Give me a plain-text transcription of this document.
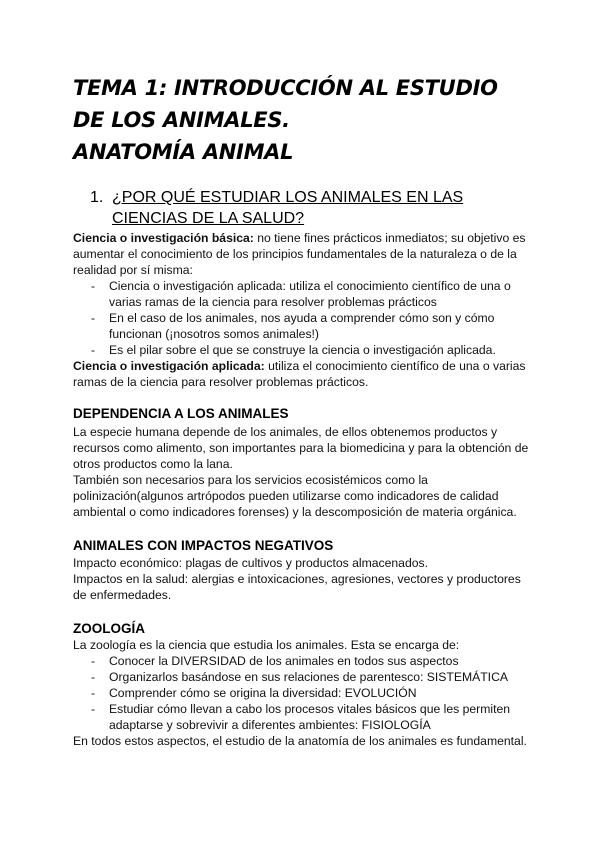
TEMA 1: INTRODUCCIÓN AL ESTUDIO
DE LOS ANIMALES.
ANATOMÍA ANIMAL
1. ¿POR QUÉ ESTUDIAR LOS ANIMALES EN LAS CIENCIAS DE LA SALUD?

Ciencia o investigación básica: no tiene fines prácticos inmediatos; su objetivo es aumentar el conocimiento de los principios fundamentales de la naturaleza o de la realidad por sí misma:

- Ciencia o investigación aplicada: utiliza el conocimiento científico de una o varias ramas de la ciencia para resolver problemas prácticos
- En el caso de los animales, nos ayuda a comprender cómo son y cómo funcionan (¡nosotros somos animales!)
- Es el pilar sobre el que se construye la ciencia o investigación aplicada.

Ciencia o investigación aplicada: utiliza el conocimiento científico de una o varias ramas de la ciencia para resolver problemas prácticos.

DEPENDENCIA A LOS ANIMALES

La especie humana depende de los animales, de ellos obtenemos productos y recursos como alimento, son importantes para la biomedicina y para la obtención de otros productos como la lana.

También son necesarios para los servicios ecosistémicos como la polinización(algunos artrópodos pueden utilizarse como indicadores de calidad ambiental o como indicadores forenses) y la descomposición de materia orgánica.

ANIMALES CON IMPACTOS NEGATIVOS

Impacto económico: plagas de cultivos y productos almacenados.

Impactos en la salud: alergias e intoxicaciones, agresiones, vectores y productores de enfermedades.

ZOOLOGÍA

La zoología es la ciencia que estudia los animales. Esta se encarga de:

- Conocer la DIVERSIDAD de los animales en todos sus aspectos
- Organizarlos basándose en sus relaciones de parentesco: SISTEMÁTICA
- Comprender cómo se origina la diversidad: EVOLUCIÓN
- Estudiar cómo llevan a cabo los procesos vitales básicos que les permiten adaptarse y sobrevivir a diferentes ambientes: FISIOLOGÍA

En todos estos aspectos, el estudio de la anatomía de los animales es fundamental.
